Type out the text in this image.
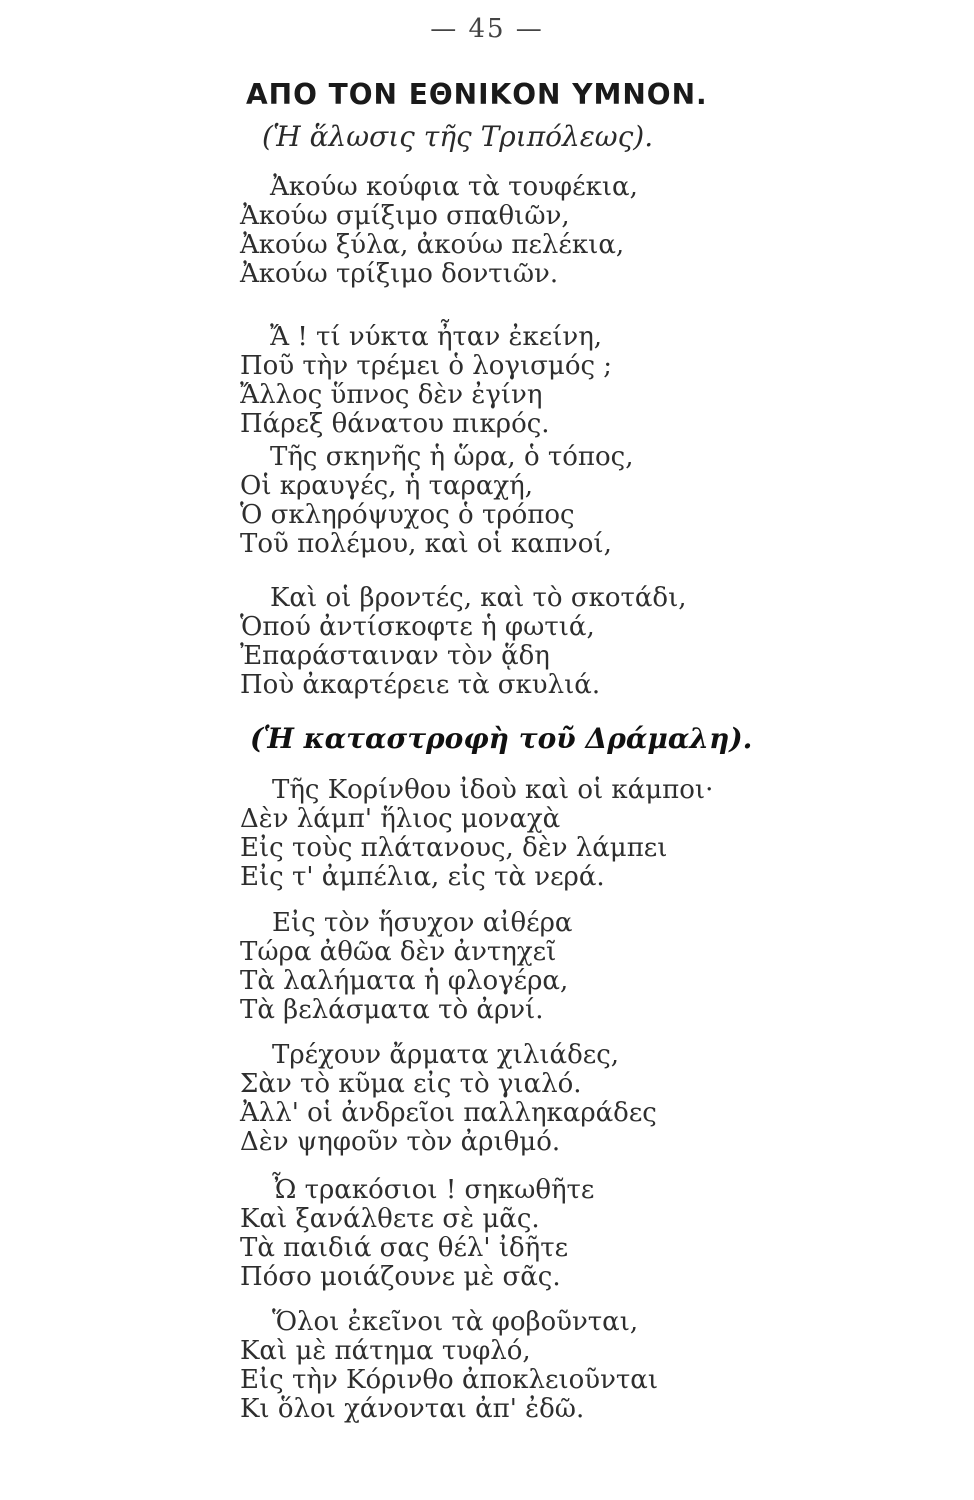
— 45 —
ΑΠΟ ΤΟΝ ΕΘΝΙΚΟΝ ΥΜΝΟΝ.
(Ἡ ἅλωσις τῆς Τριπόλεως).
(Ἡ καταστροφὴ τοῦ Δράμαλη).
Ἀκούω κούφια τὰ τουφέκια,
Ἀκούω σμίξιμο σπαθιῶν,
Ἀκούω ξύλα, ἀκούω πελέκια,
Ἀκούω τρίξιμο δοντιῶν.
Ἄ ! τί νύκτα ἦταν ἐκείνη,
Ποῦ τὴν τρέμει ὁ λογισμός ;
Ἄλλος ὕπνος δὲν ἐγίνη
Πάρεξ θάνατου πικρός.
Τῆς σκηνῆς ἡ ὥρα, ὁ τόπος,
Οἱ κραυγές, ἡ ταραχή,
Ὁ σκληρόψυχος ὁ τρόπος
Τοῦ πολέμου, καὶ οἱ καπνοί,
Καὶ οἱ βροντές, καὶ τὸ σκοτάδι,
Ὁπού ἀντίσκοφτε ἡ φωτιά,
Ἐπαράσταιναν τὸν ᾅδη
Ποὺ ἀκαρτέρειε τὰ σκυλιά.
Τῆς Κορίνθου ἰδοὺ καὶ οἱ κάμποι·
Δὲν λάμπ' ἥλιος μοναχὰ
Εἰς τοὺς πλάτανους, δὲν λάμπει
Εἰς τ' ἀμπέλια, εἰς τὰ νερά.
Εἰς τὸν ἥσυχον αἰθέρα
Τώρα ἀθῶα δὲν ἀντηχεῖ
Τὰ λαλήματα ἡ φλογέρα,
Τὰ βελάσματα τὸ ἀρνί.
Τρέχουν ἄρματα χιλιάδες,
Σὰν τὸ κῦμα εἰς τὸ γιαλό.
Ἀλλ' οἱ ἀνδρεῖοι παλληκαράδες
Δὲν ψηφοῦν τὸν ἀριθμό.
Ὦ τρακόσιοι ! σηκωθῆτε
Καὶ ξανάλθετε σὲ μᾶς.
Τὰ παιδιά σας θέλ' ἰδῆτε
Πόσο μοιάζουνε μὲ σᾶς.
Ὅλοι ἐκεῖνοι τὰ φοβοῦνται,
Καὶ μὲ πάτημα τυφλό,
Εἰς τὴν Κόρινθο ἀποκλειοῦνται
Κι ὅλοι χάνονται ἀπ' ἐδῶ.
